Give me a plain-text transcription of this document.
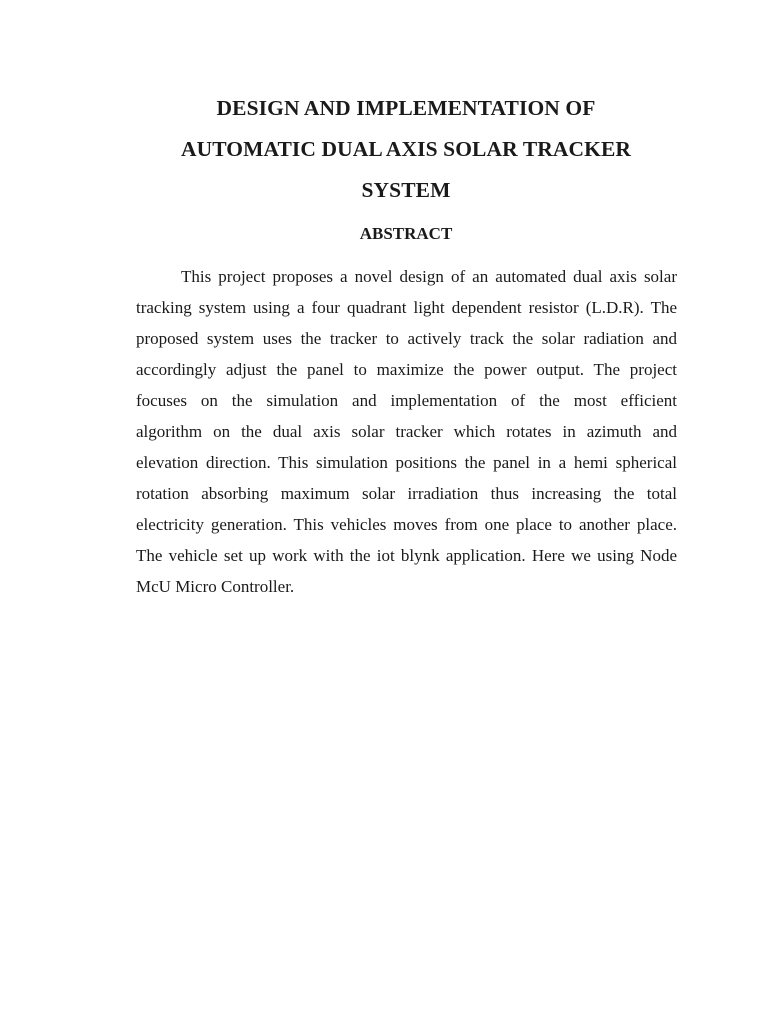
DESIGN AND IMPLEMENTATION OF
AUTOMATIC DUAL AXIS SOLAR TRACKER
SYSTEM
ABSTRACT
This project proposes a novel design of an automated dual axis solar
tracking system using a four quadrant light dependent resistor (L.D.R). The
proposed system uses the tracker to actively track the solar radiation and
accordingly adjust the panel to maximize the power output. The project
focuses on the simulation and implementation of the most efficient
algorithm on the dual axis solar tracker which rotates in azimuth and
elevation direction. This simulation positions the panel in a hemi spherical
rotation absorbing maximum solar irradiation thus increasing the total
electricity generation. This vehicles moves from one place to another place.
The vehicle set up work with the iot blynk application. Here we using Node
McU Micro Controller.
